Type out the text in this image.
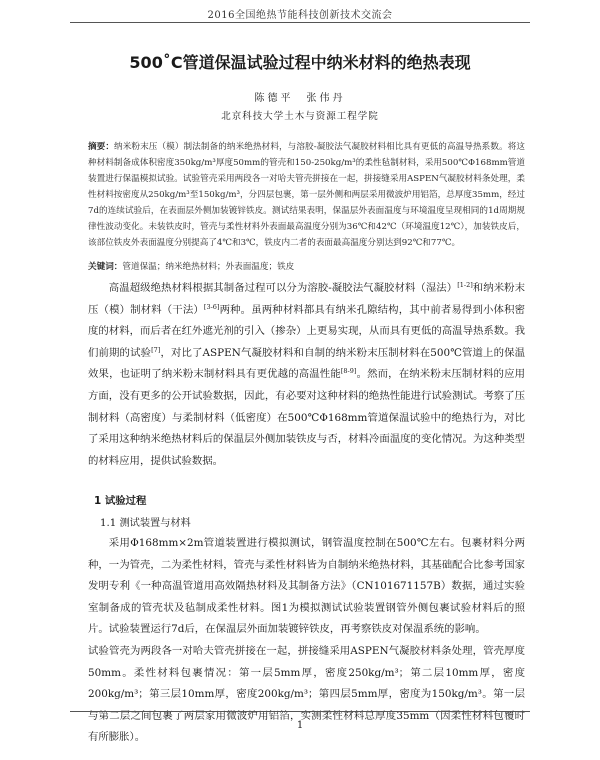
2016全国绝热节能科技创新技术交流会
500˚C管道保温试验过程中纳米材料的绝热表现
陈德平　张伟丹
北京科技大学土木与资源工程学院
摘要：纳米粉末压（模）制法制备的纳米绝热材料，与溶胶-凝胶法气凝胶材料相比具有更低的高温导热系数。将这种材料制备成体积密度350kg/m³厚度50mm的管壳和150-250kg/m³的柔性毡制材料，采用500℃Φ168mm管道装置进行保温模拟试验。试验管壳采用两段各一对哈夫管壳拼接在一起，拼接缝采用ASPEN气凝胶材料条处理，柔性材料按密度从250kg/m³至150kg/m³，分四层包裹，第一层外侧和两层采用微波炉用铝箔，总厚度35mm，经过7d的连续试验后，在表面层外侧加装镀锌铁皮。测试结果表明，保温层外表面温度与环境温度呈现相同的1d周期规律性波动变化。未装铁皮时，管壳与柔性材料外表面最高温度分别为36℃和42℃（环境温度12℃），加装铁皮后，该部位铁皮外表面温度分别提高了4℃和3℃，铁皮内二者的表面最高温度分别达到92℃和77℃。
关键词：管道保温；纳米绝热材料；外表面温度；铁皮
高温超级绝热材料根据其制备过程可以分为溶胶-凝胶法气凝胶材料（湿法）[1-2]和纳米粉末压（模）制材料（干法）[3-6]两种。虽两种材料都具有纳米孔隙结构，其中前者易得到小体积密度的材料，而后者在红外遮光剂的引入（掺杂）上更易实现，从而具有更低的高温导热系数。我们前期的试验[7]，对比了ASPEN气凝胶材料和自制的纳米粉末压制材料在500℃管道上的保温效果，也证明了纳米粉末制材料具有更优越的高温性能[8-9]。然而，在纳米粉末压制材料的应用方面，没有更多的公开试验数据，因此，有必要对这种材料的绝热性能进行试验测试。考察了压制材料（高密度）与柔制材料（低密度）在500℃Φ168mm管道保温试验中的绝热行为，对比了采用这种纳米绝热材料后的保温层外侧加装铁皮与否，材料冷面温度的变化情况。为这种类型的材料应用，提供试验数据。
1 试验过程
1.1 测试装置与材料
采用Φ168mm×2m管道装置进行模拟测试，钢管温度控制在500℃左右。包裹材料分两种，一为管壳，二为柔性材料，管壳与柔性材料皆为自制纳米绝热材料，其基础配合比参考国家发明专利《一种高温管道用高效隔热材料及其制备方法》（CN101671157B）数据，通过实验室制备成的管壳状及毡制成柔性材料。图1为模拟测试试验装置钢管外侧包裹试验材料后的照片。试验装置运行7d后，在保温层外面加装镀锌铁皮，再考察铁皮对保温系统的影响。
试验管壳为两段各一对哈夫管壳拼接在一起，拼接缝采用ASPEN气凝胶材料条处理，管壳厚度50mm。柔性材料包裹情况：第一层5mm厚，密度250kg/m³；第二层10mm厚，密度200kg/m³；第三层10mm厚，密度200kg/m³；第四层5mm厚，密度为150kg/m³。第一层与第二层之间包裹了两层家用微波炉用铝箔，实测柔性材料总厚度35mm（因柔性材料包覆时有所膨胀）。
1
